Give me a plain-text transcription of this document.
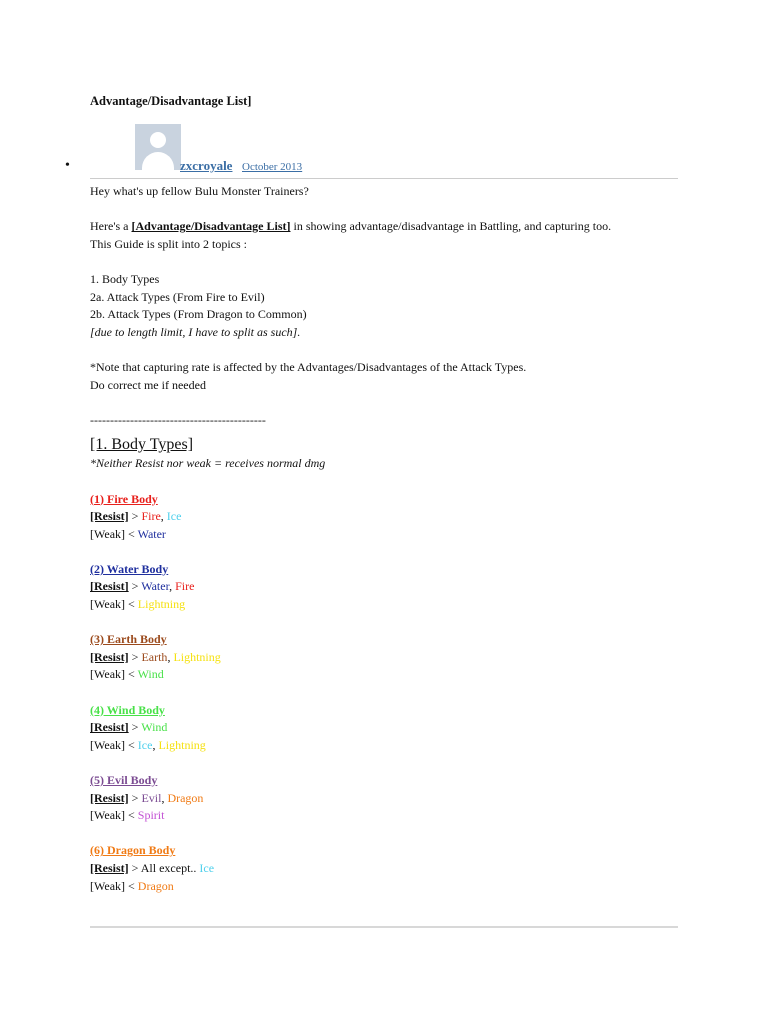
Advantage/Disadvantage List]
•	zxcroyale October 2013
Hey what's up fellow Bulu Monster Trainers?
Here's a [Advantage/Disadvantage List] in showing advantage/disadvantage in Battling, and capturing too.
This Guide is split into 2 topics :
1. Body Types
2a. Attack Types (From Fire to Evil)
2b. Attack Types (From Dragon to Common)
[due to length limit, I have to split as such].
*Note that capturing rate is affected by the Advantages/Disadvantages of the Attack Types.
Do correct me if needed
--------------------------------------------
[1. Body Types]
*Neither Resist nor weak = receives normal dmg
(1) Fire Body
[Resist] > Fire, Ice
[Weak] < Water
(2) Water Body
[Resist] > Water, Fire
[Weak] < Lightning
(3) Earth Body
[Resist] > Earth, Lightning
[Weak] < Wind
(4) Wind Body
[Resist] > Wind
[Weak] < Ice, Lightning
(5) Evil Body
[Resist] > Evil, Dragon
[Weak] < Spirit
(6) Dragon Body
[Resist] > All except.. Ice
[Weak] < Dragon
